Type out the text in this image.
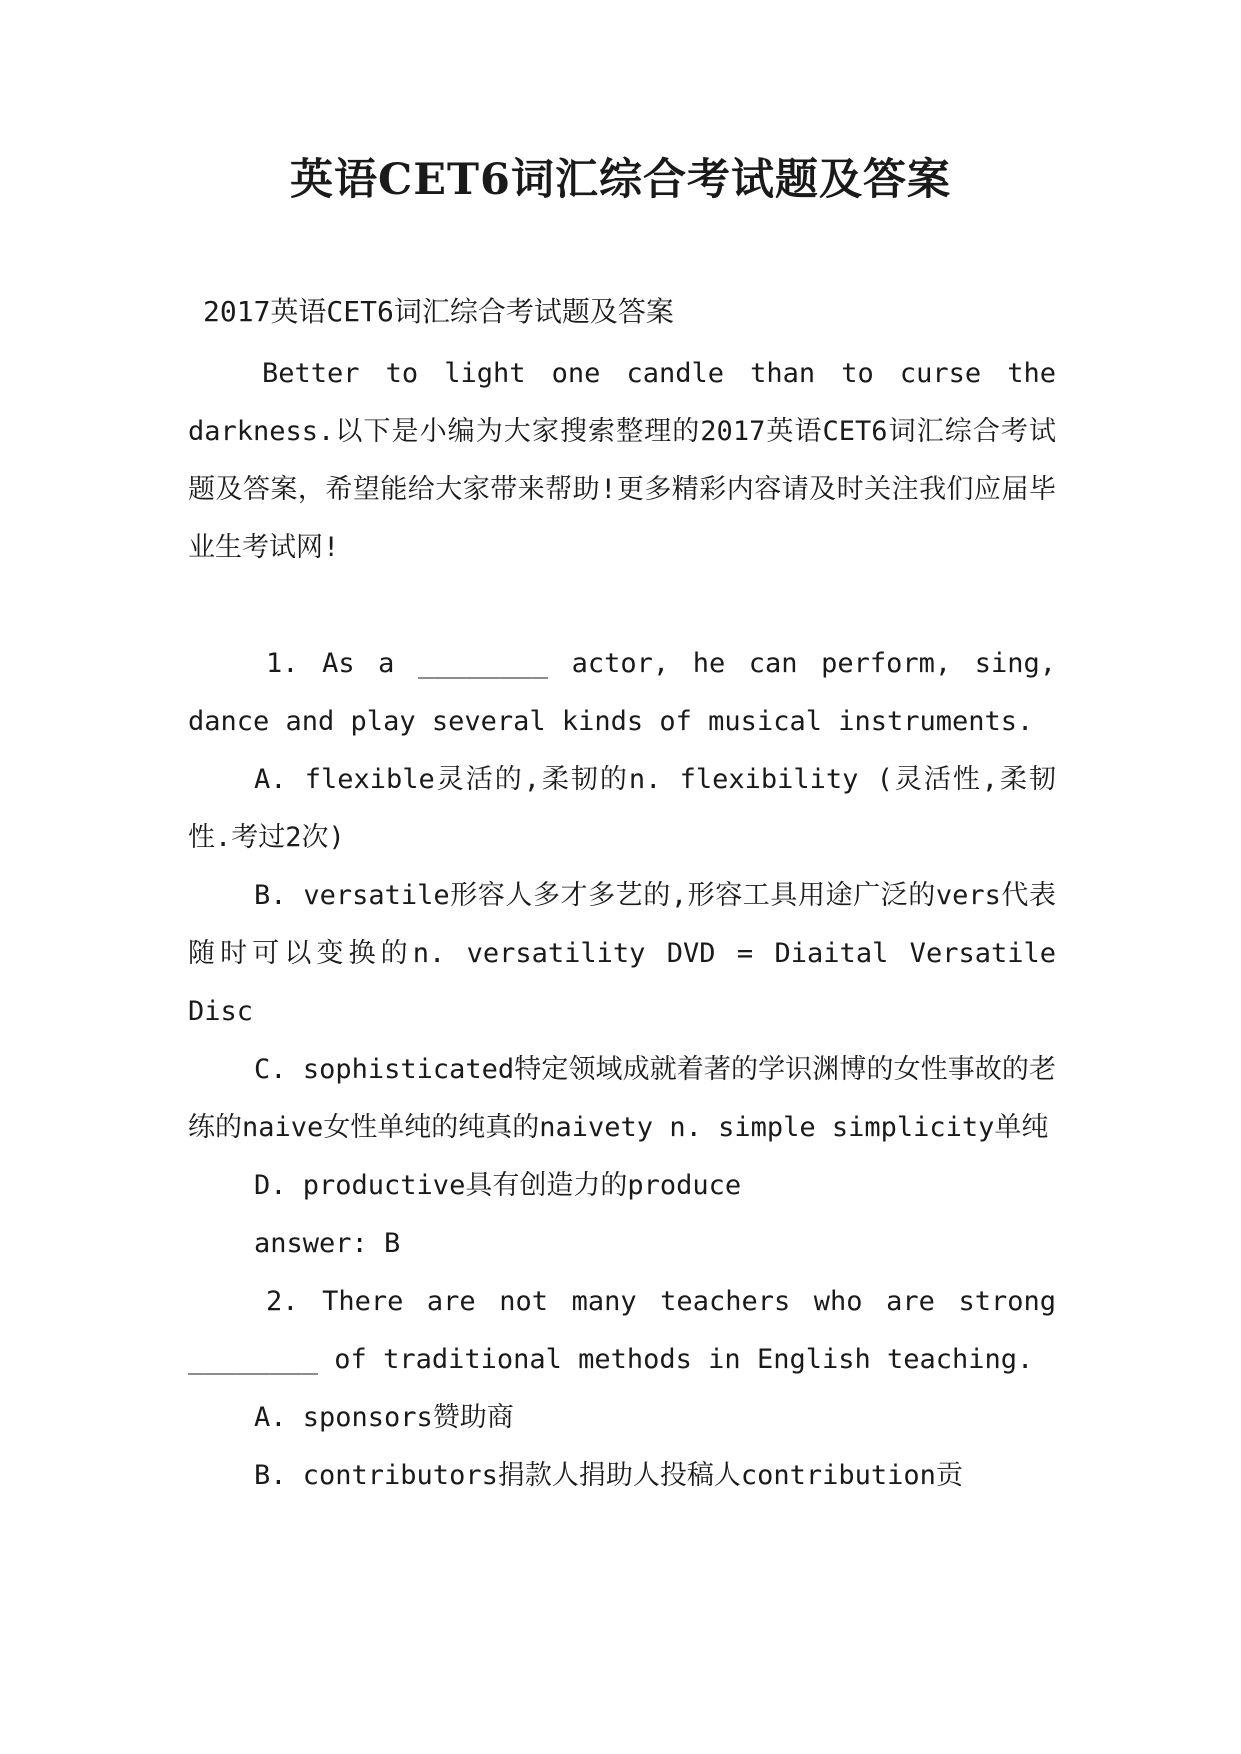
英语CET6词汇综合考试题及答案
2017英语CET6词汇综合考试题及答案

Better to light one candle than to curse the darkness.以下是小编为大家搜索整理的2017英语CET6词汇综合考试题及答案，希望能给大家带来帮助!更多精彩内容请及时关注我们应届毕业生考试网!

1. As a ________ actor, he can perform, sing, dance and play several kinds of musical instruments.

A. flexible灵活的,柔韧的n. flexibility (灵活性,柔韧性.考过2次)

B. versatile形容人多才多艺的,形容工具用途广泛的vers代表随时可以变换的n. versatility DVD = Diaital Versatile Disc

C. sophisticated特定领域成就着著的学识渊博的女性事故的老练的naive女性单纯的纯真的naivety n. simple simplicity单纯

D. productive具有创造力的produce

answer: B

2. There are not many teachers who are strong ________ of traditional methods in English teaching.

A. sponsors赞助商

B. contributors捐款人捐助人投稿人contribution贡
